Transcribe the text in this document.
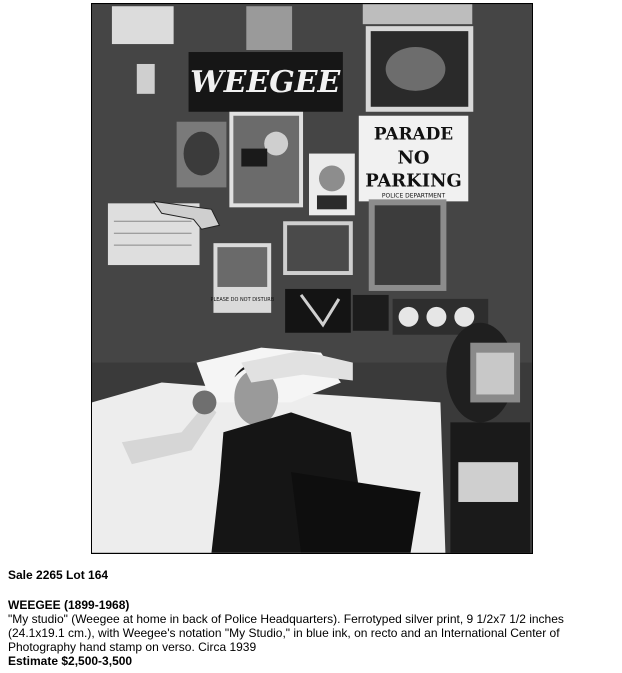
WEEGEE
PARADE
NO
PARKING
POLICE DEPARTMENT
PLEASE DO NOT DISTURB

Sale 2265 Lot 164

WEEGEE (1899-1968)

"My studio" (Weegee at home in back of Police Headquarters). Ferrotyped silver print, 9 1/2x7 1/2 inches (24.1x19.1 cm.), with Weegee's notation "My Studio," in blue ink, on recto and an International Center of Photography hand stamp on verso. Circa 1939

Estimate $2,500-3,500
